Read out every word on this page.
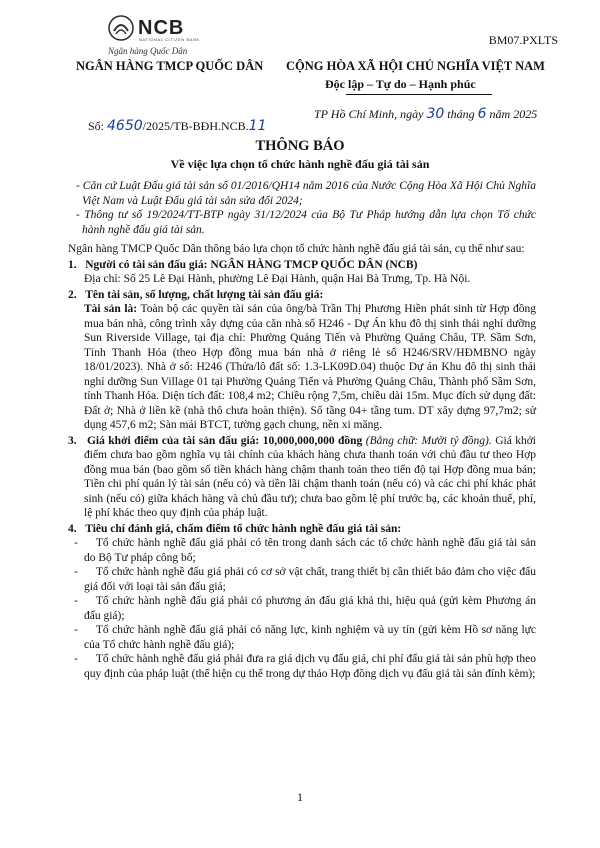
NCB
NATIONAL CITIZEN BANK
Ngân hàng Quốc Dân
BM07.PXLTS
NGÂN HÀNG TMCP QUỐC DÂN CỘNG HÒA XÃ HỘI CHỦ NGHĨA VIỆT NAM
Độc lập – Tự do – Hạnh phúc
Số: 4650/2025/TB-BĐH.NCB.11
TP Hồ Chí Minh, ngày 30 tháng 6 năm 2025
THÔNG BÁO
Về việc lựa chọn tổ chức hành nghề đấu giá tài sản

- Căn cứ Luật Đấu giá tài sản số 01/2016/QH14 năm 2016 của Nước Cộng Hòa Xã Hội Chủ Nghĩa Việt Nam và Luật Đấu giá tài sản sửa đổi 2024;

- Thông tư số 19/2024/TT-BTP ngày 31/12/2024 của Bộ Tư Pháp hướng dẫn lựa chọn Tổ chức hành nghề đấu giá tài sản.

Ngân hàng TMCP Quốc Dân thông báo lựa chọn tổ chức hành nghề đấu giá tài sản, cụ thể như sau:

1. Người có tài sản đấu giá: NGÂN HÀNG TMCP QUỐC DÂN (NCB)

Địa chỉ: Số 25 Lê Đại Hành, phường Lê Đại Hành, quận Hai Bà Trưng, Tp. Hà Nội.

2. Tên tài sản, số lượng, chất lượng tài sản đấu giá:

Tài sản là: Toàn bộ các quyền tài sản của ông/bà Trần Thị Phương Hiền phát sinh từ Hợp đồng mua bán nhà, công trình xây dựng của căn nhà số H246 - Dự Án khu đô thị sinh thái nghỉ dưỡng Sun Riverside Village, tại địa chỉ: Phường Quảng Tiến và Phường Quảng Châu, TP. Sầm Sơn, Tỉnh Thanh Hóa (theo Hợp đồng mua bán nhà ở riêng lẻ số H246/SRV/HĐMBNO ngày 18/01/2023). Nhà ở số: H246 (Thửa/lô đất số: 1.3-LK09D.04) thuộc Dự án Khu đô thị sinh thái nghỉ dưỡng Sun Village 01 tại Phường Quảng Tiến và Phường Quảng Châu, Thành phố Sầm Sơn, tỉnh Thanh Hóa. Diện tích đất: 108,4 m2; Chiều rộng 7,5m, chiều dài 15m. Mục đích sử dụng đất: Đất ở; Nhà ở liền kề (nhà thô chưa hoàn thiện). Số tầng 04+ tầng tum. DT xây dựng 97,7m2; sử dụng 457,6 m2; Sàn mái BTCT, tường gạch chung, nền xi măng.

3. Giá khởi điểm của tài sản đấu giá: 10,000,000,000 đồng (Bằng chữ: Mười tỷ đồng). Giá khởi điểm chưa bao gồm nghĩa vụ tài chính của khách hàng chưa thanh toán với chủ đầu tư theo Hợp đồng mua bán (bao gồm số tiền khách hàng chậm thanh toán theo tiến độ tại Hợp đồng mua bán; Tiền chi phí quản lý tài sản (nếu có) và tiền lãi chậm thanh toán (nếu có) và các chi phí khác phát sinh (nếu có) giữa khách hàng và chủ đầu tư); chưa bao gồm lệ phí trước bạ, các khoản thuế, phí, lệ phí khác theo quy định của pháp luật.

4. Tiêu chí đánh giá, chấm điểm tổ chức hành nghề đấu giá tài sản:

- Tổ chức hành nghề đấu giá phải có tên trong danh sách các tổ chức hành nghề đấu giá tài sản do Bộ Tư pháp công bố;

- Tổ chức hành nghề đấu giá phải có cơ sở vật chất, trang thiết bị cần thiết bảo đảm cho việc đấu giá đối với loại tài sản đấu giá;

- Tổ chức hành nghề đấu giá phải có phương án đấu giá khả thi, hiệu quả (gửi kèm Phương án đấu giá);

- Tổ chức hành nghề đấu giá phải có năng lực, kinh nghiệm và uy tín (gửi kèm Hồ sơ năng lực của Tổ chức hành nghề đấu giá);

- Tổ chức hành nghề đấu giá phải đưa ra giá dịch vụ đấu giá, chi phí đấu giá tài sản phù hợp theo quy định của pháp luật (thể hiện cụ thể trong dự thảo Hợp đồng dịch vụ đấu giá tài sản đính kèm);

1
